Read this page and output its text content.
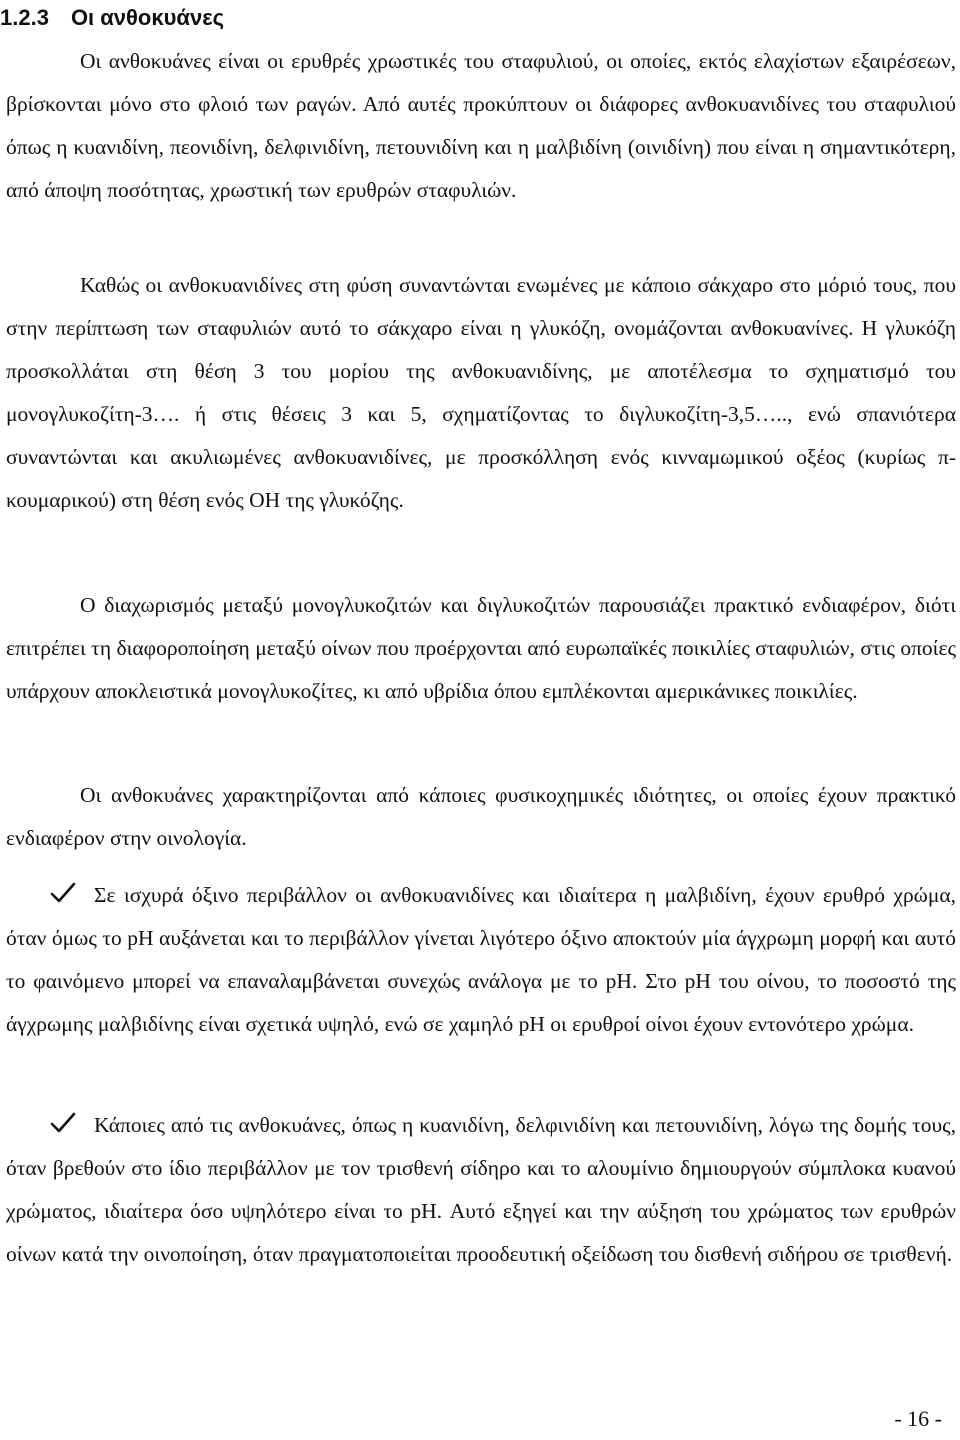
1.2.3 Οι ανθοκυάνες

Οι ανθοκυάνες είναι οι ερυθρές χρωστικές του σταφυλιού, οι οποίες, εκτός ελαχίστων εξαιρέσεων, βρίσκονται μόνο στο φλοιό των ραγών. Από αυτές προκύπτουν οι διάφορες ανθοκυανιδίνες του σταφυλιού όπως η κυανιδίνη, πεονιδίνη, δελφινιδίνη, πετουνιδίνη και η μαλβιδίνη (οινιδίνη) που είναι η σημαντικότερη, από άποψη ποσότητας, χρωστική των ερυθρών σταφυλιών.

Καθώς οι ανθοκυανιδίνες στη φύση συναντώνται ενωμένες με κάποιο σάκχαρο στο μόριό τους, που στην περίπτωση των σταφυλιών αυτό το σάκχαρο είναι η γλυκόζη, ονομάζονται ανθοκυανίνες. Η γλυκόζη προσκολλάται στη θέση 3 του μορίου της ανθοκυανιδίνης, με αποτέλεσμα το σχηματισμό του μονογλυκοζίτη-3…. ή στις θέσεις 3 και 5, σχηματίζοντας το διγλυκοζίτη-3,5….., ενώ σπανιότερα συναντώνται και ακυλιωμένες ανθοκυανιδίνες, με προσκόλληση ενός κινναμωμικού οξέος (κυρίως π-κουμαρικού) στη θέση ενός ΟΗ της γλυκόζης.

Ο διαχωρισμός μεταξύ μονογλυκοζιτών και διγλυκοζιτών παρουσιάζει πρακτικό ενδιαφέρον, διότι επιτρέπει τη διαφοροποίηση μεταξύ οίνων που προέρχονται από ευρωπαϊκές ποικιλίες σταφυλιών, στις οποίες υπάρχουν αποκλειστικά μονογλυκοζίτες, κι από υβρίδια όπου εμπλέκονται αμερικάνικες ποικιλίες.

Οι ανθοκυάνες χαρακτηρίζονται από κάποιες φυσικοχημικές ιδιότητες, οι οποίες έχουν πρακτικό ενδιαφέρον στην οινολογία.

Σε ισχυρά όξινο περιβάλλον οι ανθοκυανιδίνες και ιδιαίτερα η μαλβιδίνη, έχουν ερυθρό χρώμα, όταν όμως το pH αυξάνεται και το περιβάλλον γίνεται λιγότερο όξινο αποκτούν μία άγχρωμη μορφή και αυτό το φαινόμενο μπορεί να επαναλαμβάνεται συνεχώς ανάλογα με το pH. Στο pH του οίνου, το ποσοστό της άγχρωμης μαλβιδίνης είναι σχετικά υψηλό, ενώ σε χαμηλό pH οι ερυθροί οίνοι έχουν εντονότερο χρώμα.

Κάποιες από τις ανθοκυάνες, όπως η κυανιδίνη, δελφινιδίνη και πετουνιδίνη, λόγω της δομής τους, όταν βρεθούν στο ίδιο περιβάλλον με τον τρισθενή σίδηρο και το αλουμίνιο δημιουργούν σύμπλοκα κυανού χρώματος, ιδιαίτερα όσο υψηλότερο είναι το pH. Αυτό εξηγεί και την αύξηση του χρώματος των ερυθρών οίνων κατά την οινοποίηση, όταν πραγματοποιείται προοδευτική οξείδωση του δισθενή σιδήρου σε τρισθενή.

- 16 -
